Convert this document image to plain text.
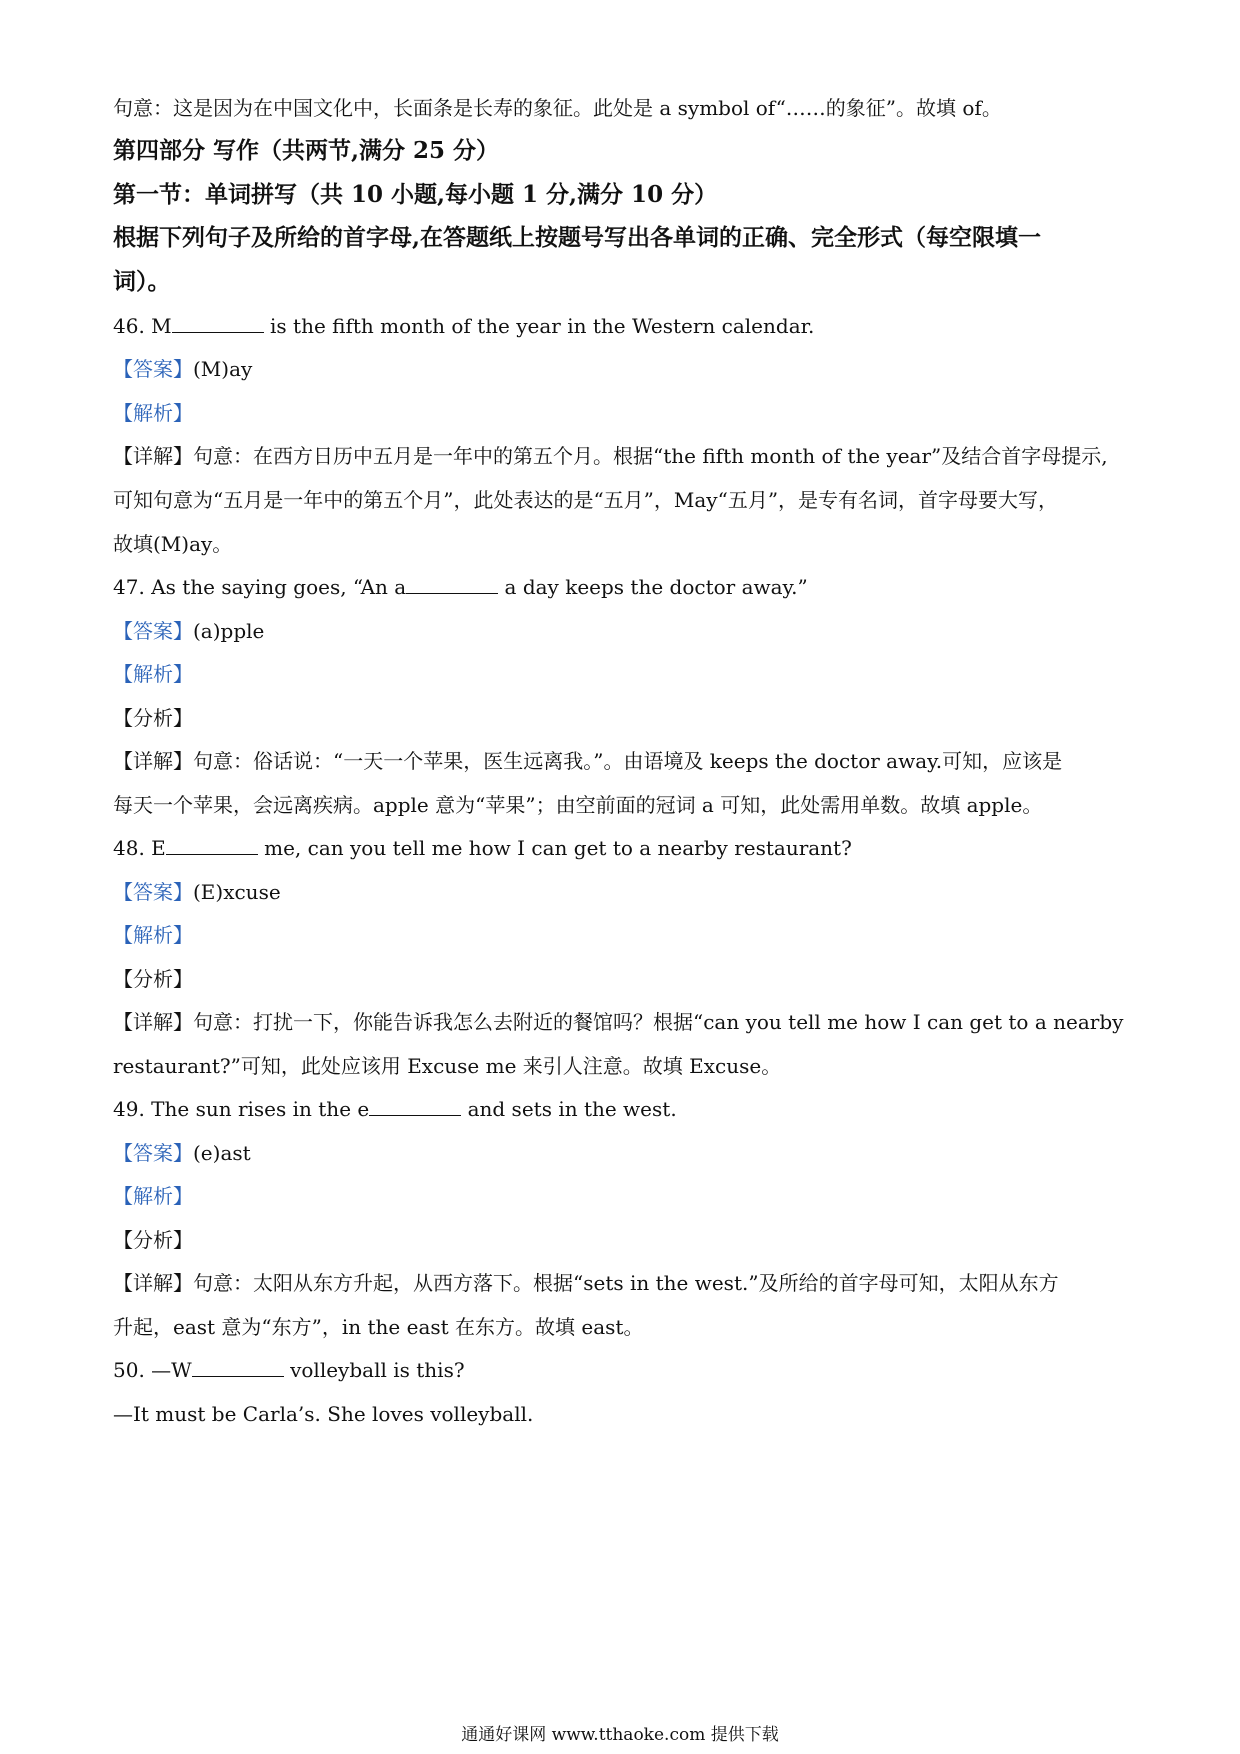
句意：这是因为在中国文化中，长面条是长寿的象征。此处是 a symbol of“……的象征”。故填 of。
第四部分 写作（共两节,满分 25 分）
第一节：单词拼写（共 10 小题,每小题 1 分,满分 10 分）
根据下列句子及所给的首字母,在答题纸上按题号写出各单词的正确、完全形式（每空限填一
词）。
46. M	is the fifth month of the year in the Western calendar.
【答案】(M)ay
【解析】
【详解】句意：在西方日历中五月是一年中的第五个月。根据“the fifth month of the year”及结合首字母提示,
可知句意为“五月是一年中的第五个月”，此处表达的是“五月”，May“五月”，是专有名词，首字母要大写，
故填(M)ay。
47. As the saying goes, “An a	a day keeps the doctor away.”
【答案】(a)pple
【解析】
【分析】
【详解】句意：俗话说：“一天一个苹果，医生远离我。”。由语境及 keeps the doctor away.可知，应该是
每天一个苹果，会远离疾病。apple 意为“苹果”；由空前面的冠词 a 可知，此处需用单数。故填 apple。
48. E	me, can you tell me how I can get to a nearby restaurant?
【答案】(E)xcuse
【解析】
【分析】
【详解】句意：打扰一下，你能告诉我怎么去附近的餐馆吗？根据“can you tell me how I can get to a nearby
restaurant?”可知，此处应该用 Excuse me 来引人注意。故填 Excuse。
49. The sun rises in the e	and sets in the west.
【答案】(e)ast
【解析】
【分析】
【详解】句意：太阳从东方升起，从西方落下。根据“sets in the west.”及所给的首字母可知，太阳从东方
升起，east 意为“东方”，in the east 在东方。故填 east。
50. —W	volleyball is this?
—It must be Carla’s. She loves volleyball.
通通好课网 www.tthaoke.com 提供下载
